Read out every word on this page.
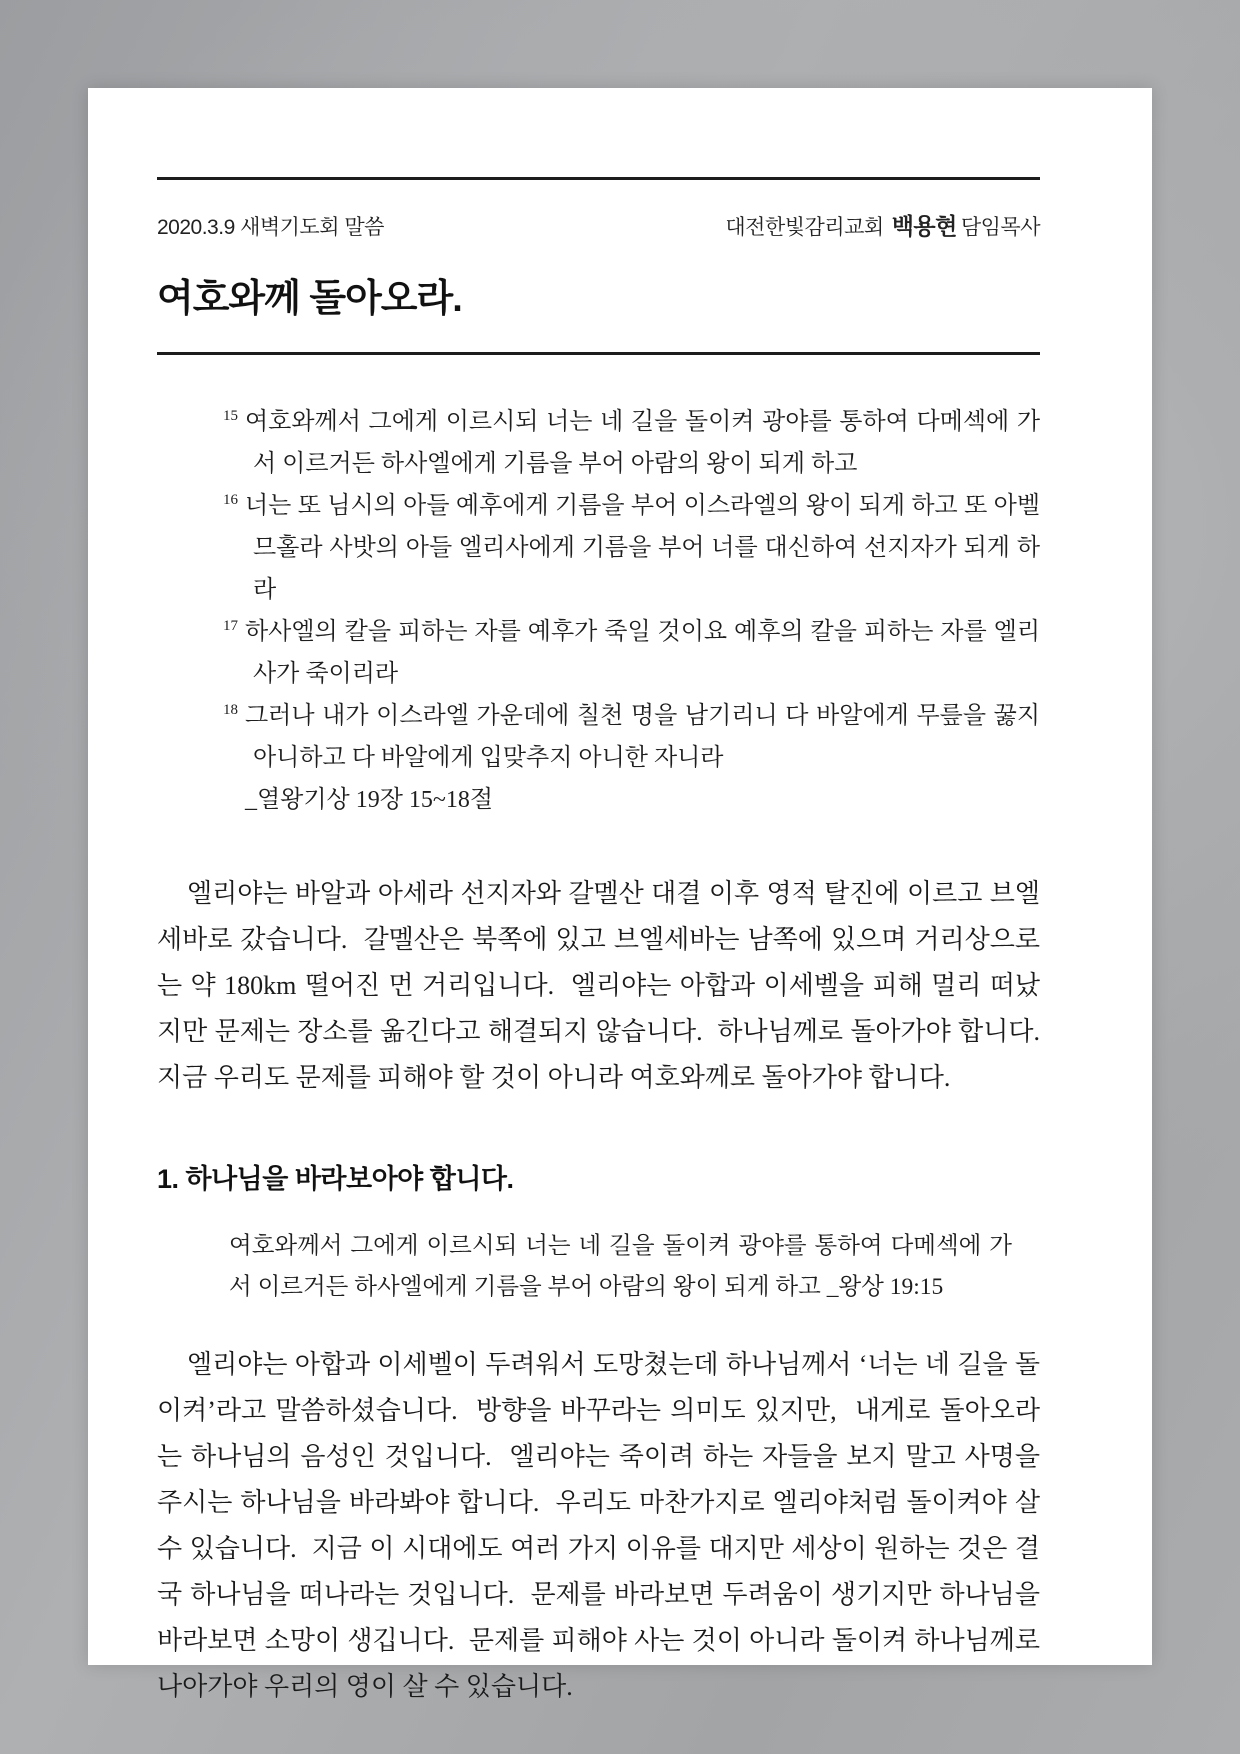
2020.3.9 새벽기도회 말씀	대전한빛감리교회 백용현 담임목사
여호와께 돌아오라.
$^{15}$ 여호와께서 그에게 이르시되 너는 네 길을 돌이켜 광야를 통하여 다메섹에 가서 이르거든 하사엘에게 기름을 부어 아람의 왕이 되게 하고
$^{16}$ 너는 또 님시의 아들 예후에게 기름을 부어 이스라엘의 왕이 되게 하고 또 아벨므홀라 사밧의 아들 엘리사에게 기름을 부어 너를 대신하여 선지자가 되게 하라
$^{17}$ 하사엘의 칼을 피하는 자를 예후가 죽일 것이요 예후의 칼을 피하는 자를 엘리사가 죽이리라
$^{18}$ 그러나 내가 이스라엘 가운데에 칠천 명을 남기리니 다 바알에게 무릎을 꿇지 아니하고 다 바알에게 입맞추지 아니한 자니라
_열왕기상 19장 15~18절
엘리야는 바알과 아세라 선지자와 갈멜산 대결 이후 영적 탈진에 이르고 브엘세바로 갔습니다.  갈멜산은 북쪽에 있고 브엘세바는 남쪽에 있으며 거리상으로는 약 180km 떨어진 먼 거리입니다.  엘리야는 아합과 이세벨을 피해 멀리 떠났지만 문제는 장소를 옮긴다고 해결되지 않습니다.  하나님께로 돌아가야 합니다.  지금 우리도 문제를 피해야 할 것이 아니라 여호와께로 돌아가야 합니다.
1. 하나님을 바라보아야 합니다.
여호와께서 그에게 이르시되 너는 네 길을 돌이켜 광야를 통하여 다메섹에 가서 이르거든 하사엘에게 기름을 부어 아람의 왕이 되게 하고 _왕상 19:15
엘리야는 아합과 이세벨이 두려워서 도망쳤는데 하나님께서 ‘너는 네 길을 돌이켜’라고 말씀하셨습니다.  방향을 바꾸라는 의미도 있지만,  내게로 돌아오라는 하나님의 음성인 것입니다.  엘리야는 죽이려 하는 자들을 보지 말고 사명을 주시는 하나님을 바라봐야 합니다.  우리도 마찬가지로 엘리야처럼 돌이켜야 살 수 있습니다.  지금 이 시대에도 여러 가지 이유를 대지만 세상이 원하는 것은 결국 하나님을 떠나라는 것입니다.  문제를 바라보면 두려움이 생기지만 하나님을 바라보면 소망이 생깁니다.  문제를 피해야 사는 것이 아니라 돌이켜 하나님께로 나아가야 우리의 영이 살 수 있습니다.
